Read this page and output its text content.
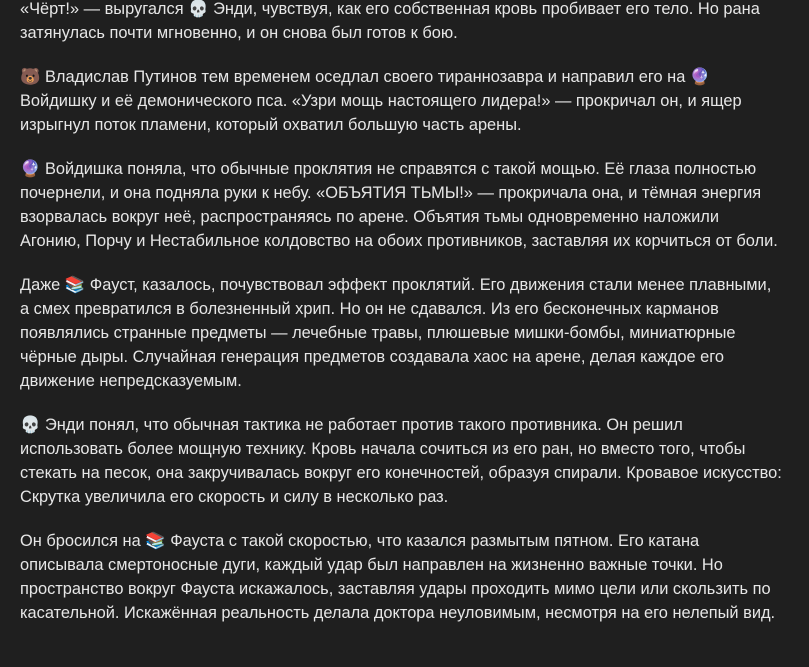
«Чёрт!» — выругался 💀 Энди, чувствуя, как его собственная кровь пробивает его тело. Но рана затянулась почти мгновенно, и он снова был готов к бою.

🐻 Владислав Путинов тем временем оседлал своего тираннозавра и направил его на 🔮 Войдишку и её демонического пса. «Узри мощь настоящего лидера!» — прокричал он, и ящер изрыгнул поток пламени, который охватил большую часть арены.

🔮 Войдишка поняла, что обычные проклятия не справятся с такой мощью. Её глаза полностью почернели, и она подняла руки к небу. «ОБЪЯТИЯ ТЬМЫ!» — прокричала она, и тёмная энергия взорвалась вокруг неё, распространяясь по арене. Объятия тьмы одновременно наложили Агонию, Порчу и Нестабильное колдовство на обоих противников, заставляя их корчиться от боли.

Даже 📚 Фауст, казалось, почувствовал эффект проклятий. Его движения стали менее плавными, а смех превратился в болезненный хрип. Но он не сдавался. Из его бесконечных карманов появлялись странные предметы — лечебные травы, плюшевые мишки-бомбы, миниатюрные чёрные дыры. Случайная генерация предметов создавала хаос на арене, делая каждое его движение непредсказуемым.

💀 Энди понял, что обычная тактика не работает против такого противника. Он решил использовать более мощную технику. Кровь начала сочиться из его ран, но вместо того, чтобы стекать на песок, она закручивалась вокруг его конечностей, образуя спирали. Кровавое искусство: Скрутка увеличила его скорость и силу в несколько раз.

Он бросился на 📚 Фауста с такой скоростью, что казался размытым пятном. Его катана описывала смертоносные дуги, каждый удар был направлен на жизненно важные точки. Но пространство вокруг Фауста искажалось, заставляя удары проходить мимо цели или скользить по касательной. Искажённая реальность делала доктора неуловимым, несмотря на его нелепый вид.
